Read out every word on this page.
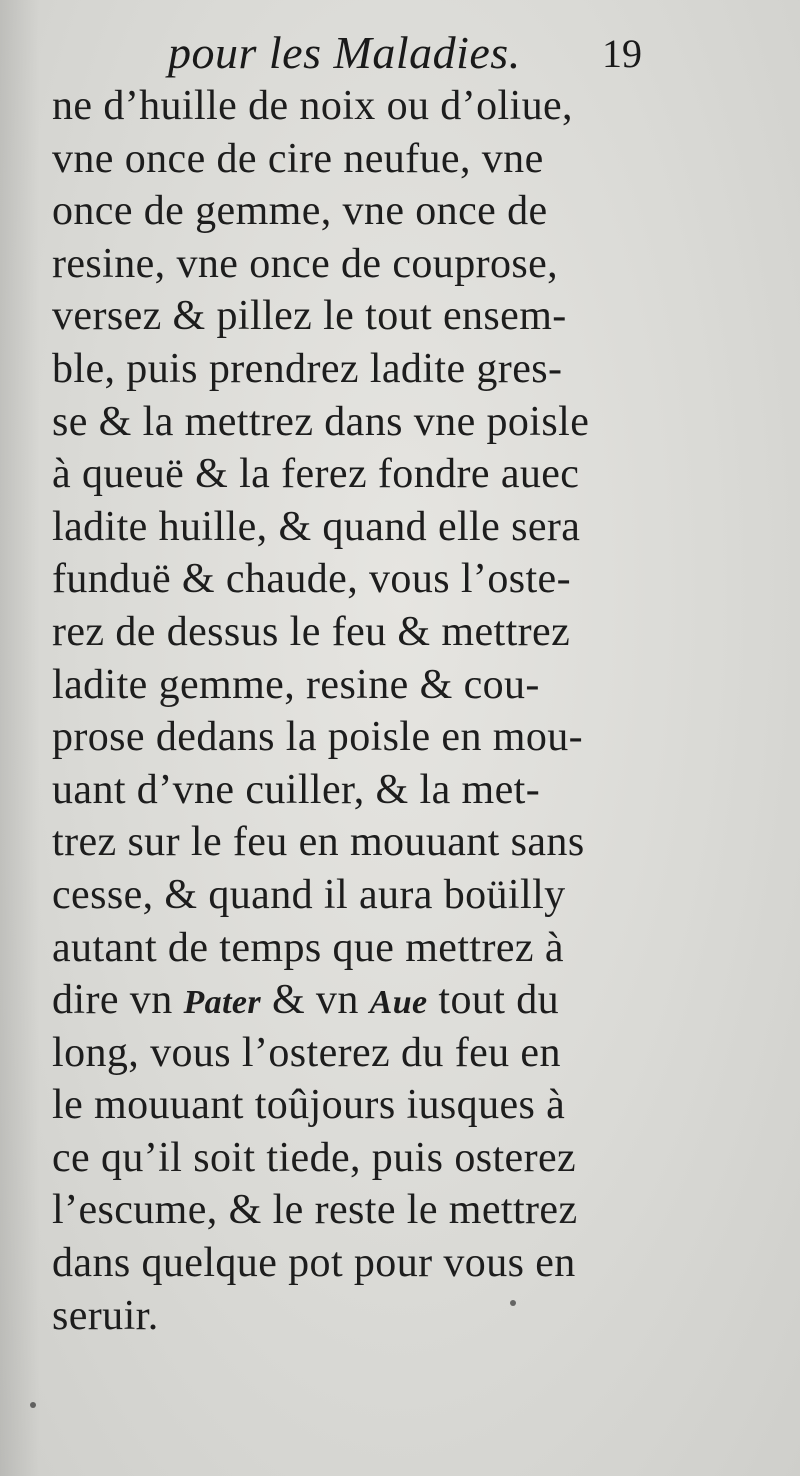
pour les Maladies. 19
ne d’huille de noix ou d’oliue,
vne once de cire neufue, vne
once de gemme, vne once de
resine, vne once de couprose,
versez & pillez le tout ensem-
ble, puis prendrez ladite gres-
se & la mettrez dans vne poisle
à queuë & la ferez fondre auec
ladite huille, & quand elle sera
funduë & chaude, vous l’oste-
rez de dessus le feu & mettrez
ladite gemme, resine & cou-
prose dedans la poisle en mou-
uant d’vne cuiller, & la met-
trez sur le feu en mouuant sans
cesse, & quand il aura boüilly
autant de temps que mettrez à
dire vn Pater & vn Aue tout du
long, vous l’osterez du feu en
le mouuant toûjours iusques à
ce qu’il soit tiede, puis osterez
l’escume, & le reste le mettrez
dans quelque pot pour vous en
seruir.
